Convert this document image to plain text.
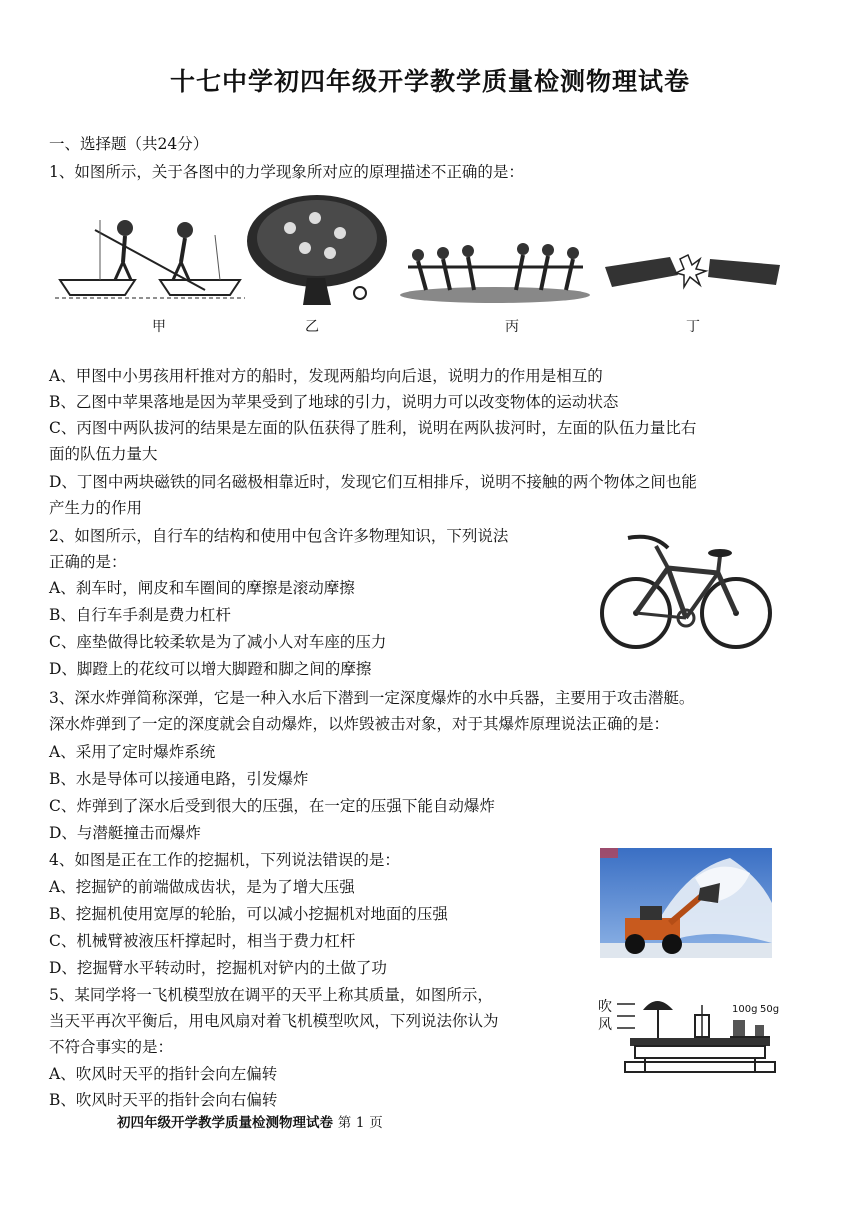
十七中学初四年级开学教学质量检测物理试卷
一、选择题（共24分）
1、如图所示，关于各图中的力学现象所对应的原理描述不正确的是：
甲	乙	丙	丁
A、甲图中小男孩用杆推对方的船时，发现两船均向后退，说明力的作用是相互的
B、乙图中苹果落地是因为苹果受到了地球的引力，说明力可以改变物体的运动状态
C、丙图中两队拔河的结果是左面的队伍获得了胜利，说明在两队拔河时，左面的队伍力量比右
面的队伍力量大
D、丁图中两块磁铁的同名磁极相靠近时，发现它们互相排斥，说明不接触的两个物体之间也能
产生力的作用
2、如图所示，自行车的结构和使用中包含许多物理知识，下列说法
正确的是：
A、刹车时，闸皮和车圈间的摩擦是滚动摩擦
B、自行车手刹是费力杠杆
C、座垫做得比较柔软是为了减小人对车座的压力
D、脚蹬上的花纹可以增大脚蹬和脚之间的摩擦
3、深水炸弹简称深弹，它是一种入水后下潜到一定深度爆炸的水中兵器，主要用于攻击潜艇。
深水炸弹到了一定的深度就会自动爆炸，以炸毁被击对象，对于其爆炸原理说法正确的是：
A、采用了定时爆炸系统
B、水是导体可以接通电路，引发爆炸
C、炸弹到了深水后受到很大的压强，在一定的压强下能自动爆炸
D、与潜艇撞击而爆炸
4、如图是正在工作的挖掘机，下列说法错误的是：
A、挖掘铲的前端做成齿状，是为了增大压强
B、挖掘机使用宽厚的轮胎，可以减小挖掘机对地面的压强
C、机械臂被液压杆撑起时，相当于费力杠杆
D、挖掘臂水平转动时，挖掘机对铲内的土做了功
5、某同学将一飞机模型放在调平的天平上称其质量，如图所示，
当天平再次平衡后，用电风扇对着飞机模型吹风，下列说法你认为
不符合事实的是：
A、吹风时天平的指针会向左偏转
B、吹风时天平的指针会向右偏转
吹
风
100g 50g
初四年级开学教学质量检测物理试卷 第 1 页
